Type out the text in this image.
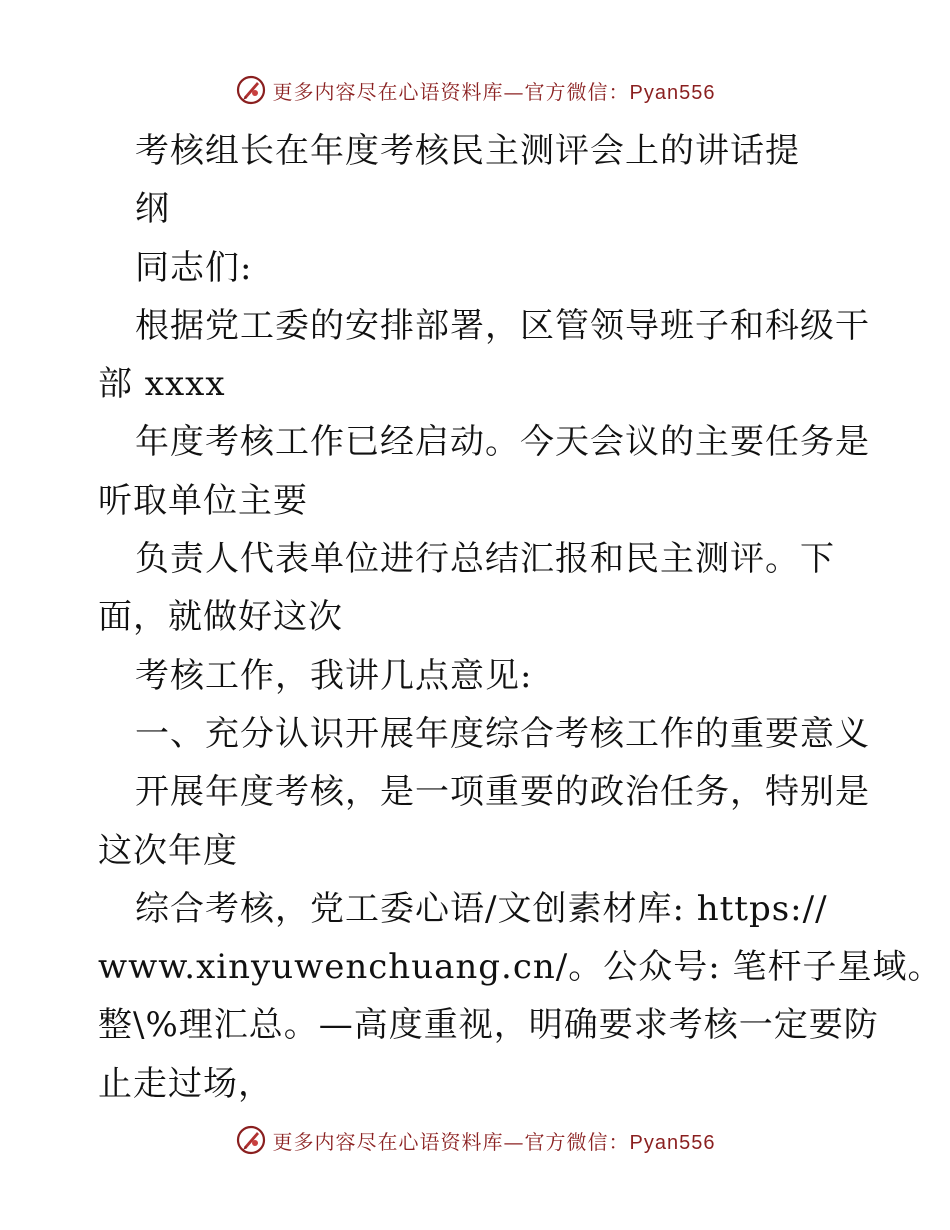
更多内容尽在心语资料库—官方微信：Pyan556
考核组长在年度考核民主测评会上的讲话提
纲
同志们:
根据党工委的安排部署，区管领导班子和科级干
部 xxxx
年度考核工作已经启动。今天会议的主要任务是
听取单位主要
负责人代表单位进行总结汇报和民主测评。下
面，就做好这次
考核工作，我讲几点意见:
一、充分认识开展年度综合考核工作的重要意义
开展年度考核，是一项重要的政治任务，特别是
这次年度
综合考核，党工委心语/文创素材库: https://
www.xinyuwenchuang.cn/。公众号: 笔杆子星域。
整\%理汇总。—高度重视，明确要求考核一定要防
止走过场，
更多内容尽在心语资料库—官方微信：Pyan556
